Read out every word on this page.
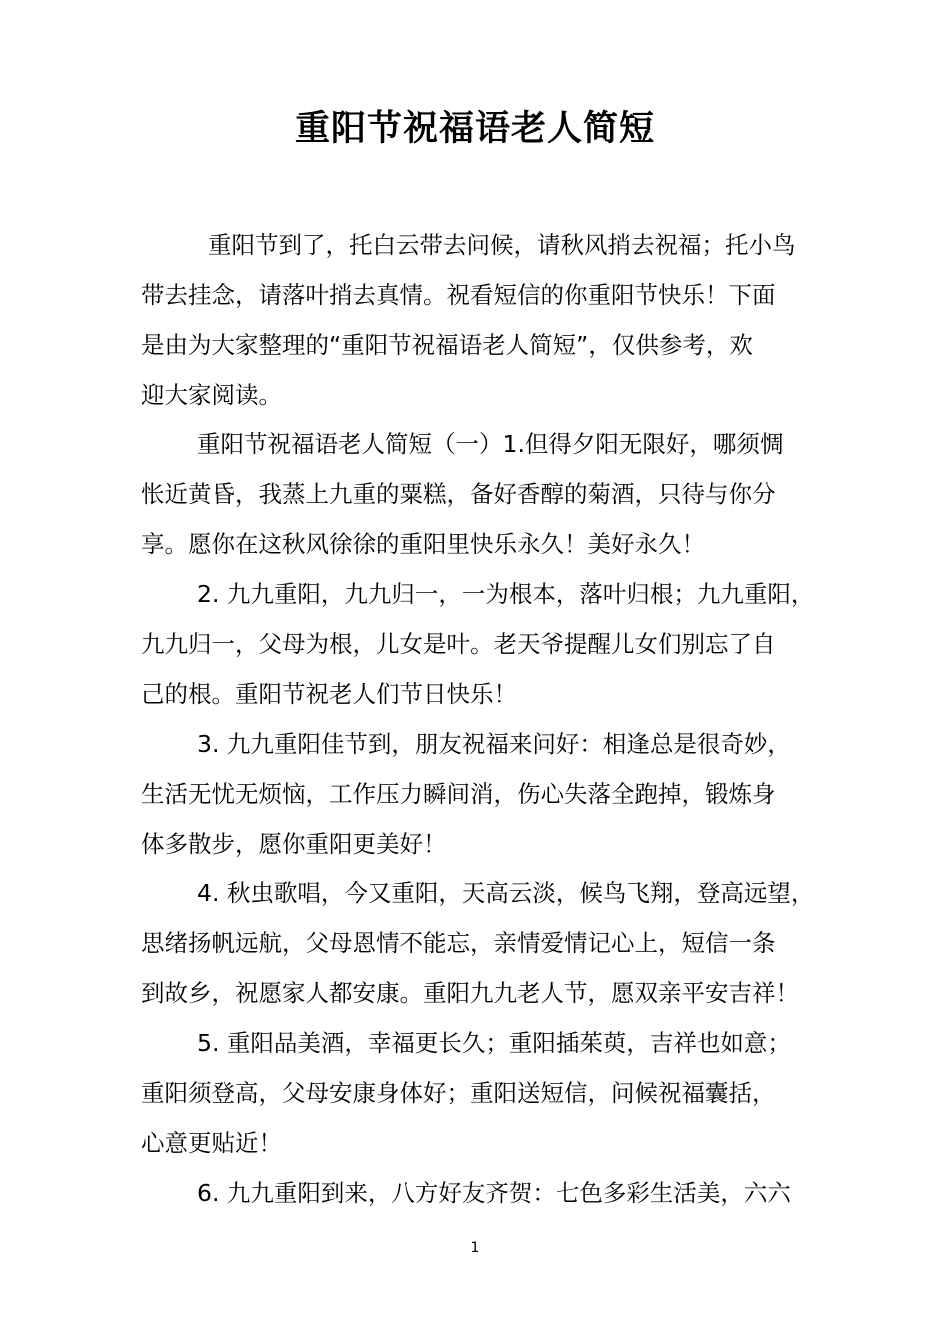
重阳节祝福语老人简短
重阳节到了，托白云带去问候，请秋风捎去祝福；托小鸟
带去挂念，请落叶捎去真情。祝看短信的你重阳节快乐！下面
是由为大家整理的“重阳节祝福语老人简短”，仅供参考，欢
迎大家阅读。
重阳节祝福语老人简短（一）1.但得夕阳无限好，哪须惆
怅近黄昏，我蒸上九重的粟糕，备好香醇的菊酒，只待与你分
享。愿你在这秋风徐徐的重阳里快乐永久！美好永久！
2. 九九重阳，九九归一，一为根本，落叶归根；九九重阳，
九九归一，父母为根，儿女是叶。老天爷提醒儿女们别忘了自
己的根。重阳节祝老人们节日快乐！
3. 九九重阳佳节到，朋友祝福来问好：相逢总是很奇妙，
生活无忧无烦恼，工作压力瞬间消，伤心失落全跑掉，锻炼身
体多散步，愿你重阳更美好！
4. 秋虫歌唱，今又重阳，天高云淡，候鸟飞翔，登高远望，
思绪扬帆远航，父母恩情不能忘，亲情爱情记心上，短信一条
到故乡，祝愿家人都安康。重阳九九老人节，愿双亲平安吉祥！
5. 重阳品美酒，幸福更长久；重阳插茱萸，吉祥也如意；
重阳须登高，父母安康身体好；重阳送短信，问候祝福囊括，
心意更贴近！
6. 九九重阳到来，八方好友齐贺：七色多彩生活美，六六
1
